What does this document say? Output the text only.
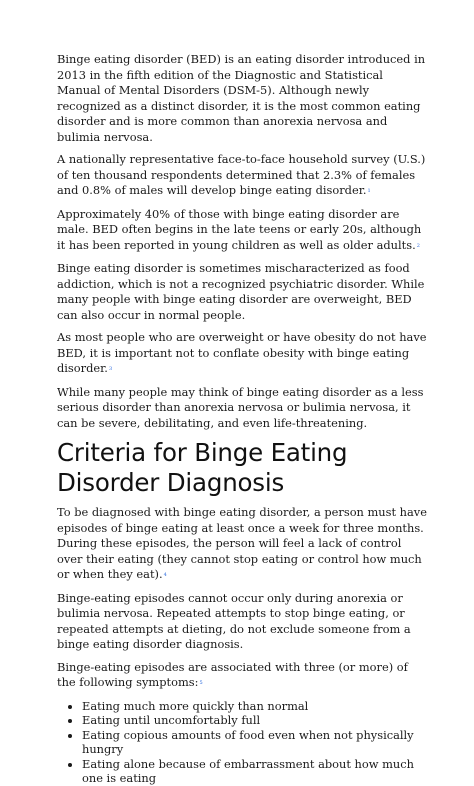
Binge eating disorder (BED) is an eating disorder introduced in 2013 in the fifth edition of the Diagnostic and Statistical Manual of Mental Disorders (DSM-5). Although newly recognized as a distinct disorder, it is the most common eating disorder and is more common than anorexia nervosa and bulimia nervosa.

A nationally representative face-to-face household survey (U.S.) of ten thousand respondents determined that 2.3% of females and 0.8% of males will develop binge eating disorder.$^1$

Approximately 40% of those with binge eating disorder are male. BED often begins in the late teens or early 20s, although it has been reported in young children as well as older adults.$^2$

Binge eating disorder is sometimes mischaracterized as food addiction, which is not a recognized psychiatric disorder. While many people with binge eating disorder are overweight, BED can also occur in normal people.

As most people who are overweight or have obesity do not have BED, it is important not to conflate obesity with binge eating disorder.$^3$

While many people may think of binge eating disorder as a less serious disorder than anorexia nervosa or bulimia nervosa, it can be severe, debilitating, and even life-threatening.

Criteria for Binge Eating Disorder Diagnosis

To be diagnosed with binge eating disorder, a person must have episodes of binge eating at least once a week for three months. During these episodes, the person will feel a lack of control over their eating (they cannot stop eating or control how much or when they eat).$^4$

Binge-eating episodes cannot occur only during anorexia or bulimia nervosa. Repeated attempts to stop binge eating, or repeated attempts at dieting, do not exclude someone from a binge eating disorder diagnosis.

Binge-eating episodes are associated with three (or more) of the following symptoms:$^5$

• Eating much more quickly than normal
• Eating until uncomfortably full
• Eating copious amounts of food even when not physically hungry
• Eating alone because of embarrassment about how much one is eating
